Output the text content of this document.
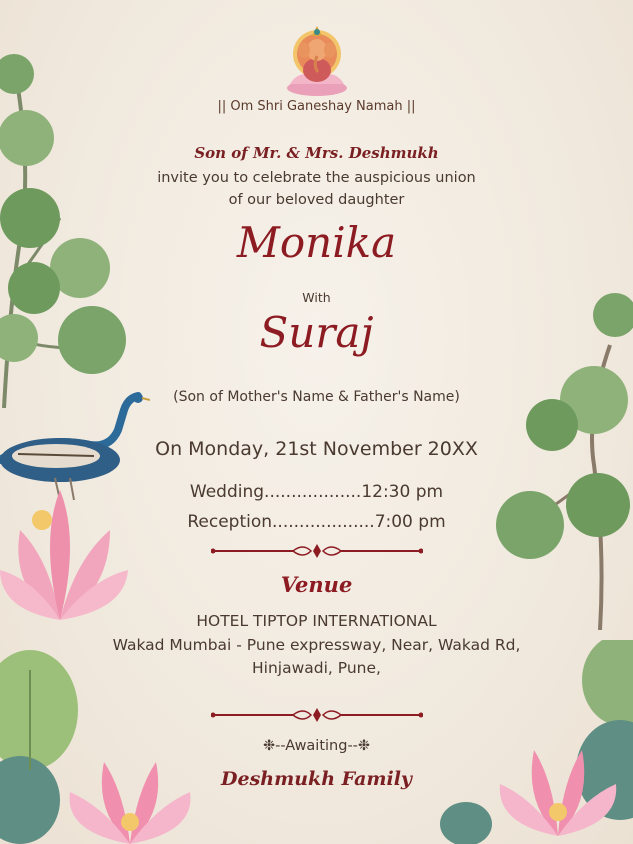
|| Om Shri Ganeshay Namah ||
Son of Mr. & Mrs. Deshmukh
invite you to celebrate the auspicious union
of our beloved daughter
Monika
With
Suraj
(Son of Mother's Name & Father's Name)
On Monday, 21st November 20XX
Wedding..................12:30 pm
Reception...................7:00 pm
Venue
HOTEL TIPTOP INTERNATIONAL
Wakad Mumbai - Pune expressway, Near, Wakad Rd,
Hinjawadi, Pune,
❉--Awaiting--❉
Deshmukh Family
